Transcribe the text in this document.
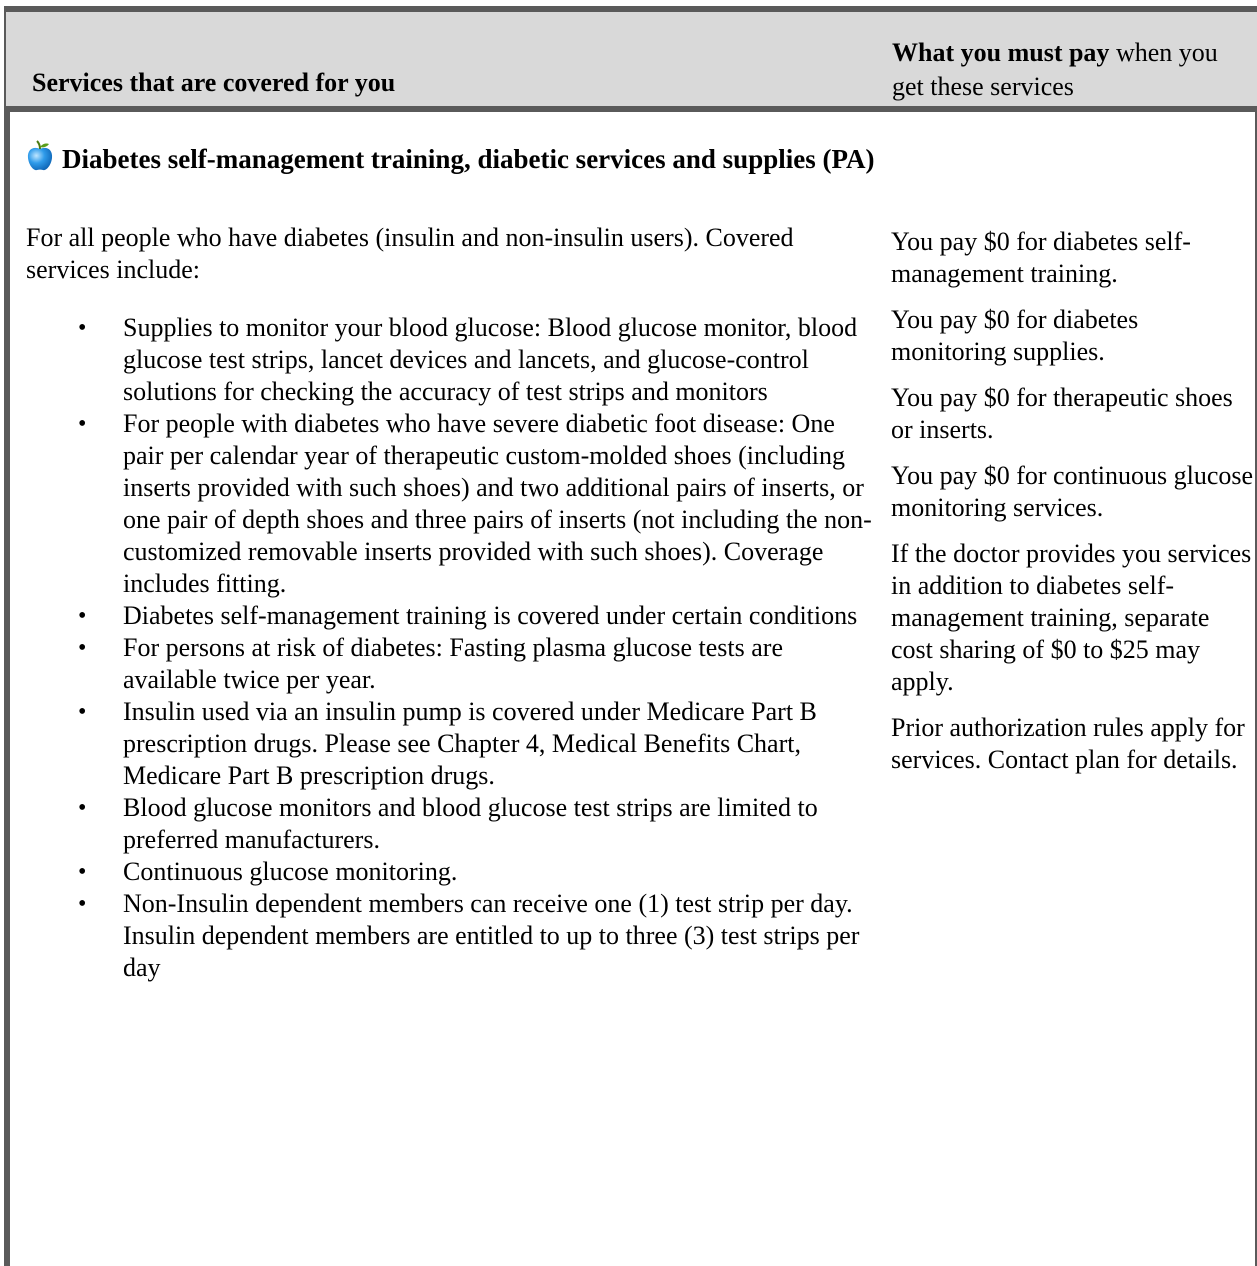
Services that are covered for you
What you must pay when you get these services
Diabetes self-management training, diabetic services and supplies (PA)
For all people who have diabetes (insulin and non-insulin users). Covered services include:
• Supplies to monitor your blood glucose: Blood glucose monitor, blood glucose test strips, lancet devices and lancets, and glucose-control solutions for checking the accuracy of test strips and monitors
• For people with diabetes who have severe diabetic foot disease: One pair per calendar year of therapeutic custom-molded shoes (including inserts provided with such shoes) and two additional pairs of inserts, or one pair of depth shoes and three pairs of inserts (not including the non-customized removable inserts provided with such shoes). Coverage includes fitting.
• Diabetes self-management training is covered under certain conditions
• For persons at risk of diabetes: Fasting plasma glucose tests are available twice per year.
• Insulin used via an insulin pump is covered under Medicare Part B prescription drugs. Please see Chapter 4, Medical Benefits Chart, Medicare Part B prescription drugs.
• Blood glucose monitors and blood glucose test strips are limited to preferred manufacturers.
• Continuous glucose monitoring.
• Non-Insulin dependent members can receive one (1) test strip per day. Insulin dependent members are entitled to up to three (3) test strips per day

You pay $0 for diabetes self-management training.

You pay $0 for diabetes monitoring supplies.

You pay $0 for therapeutic shoes or inserts.

You pay $0 for continuous glucose monitoring services.

If the doctor provides you services in addition to diabetes self-management training, separate cost sharing of $0 to $25 may apply.

Prior authorization rules apply for services. Contact plan for details.
